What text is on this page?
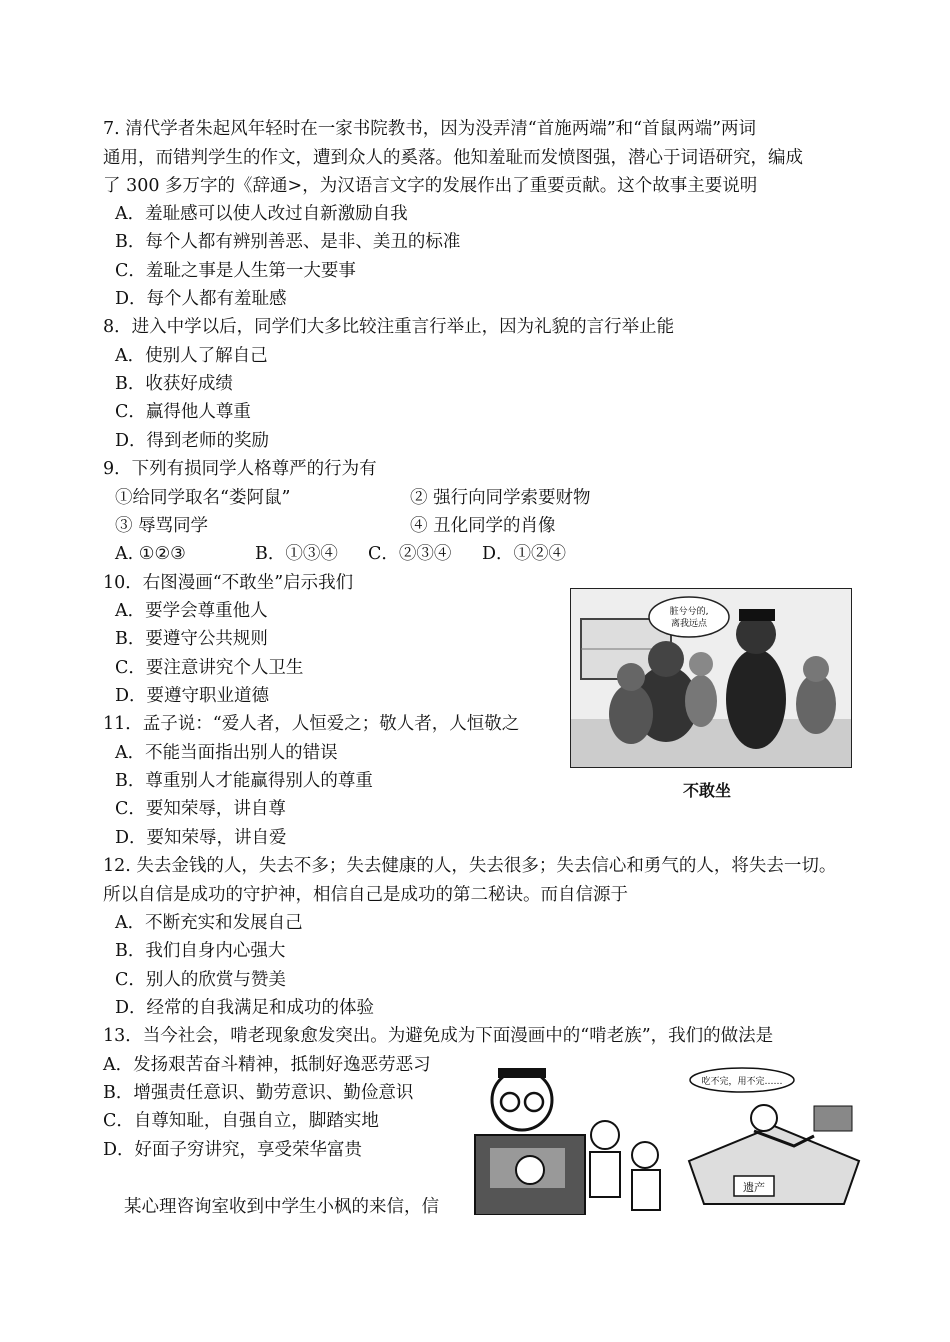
7. 清代学者朱起风年轻时在一家书院教书，因为没弄清“首施两端”和“首鼠两端”两词
通用，而错判学生的作文，遭到众人的奚落。他知羞耻而发愤图强，潜心于词语研究，编成
了 300 多万字的《辞通>，为汉语言文字的发展作出了重要贡献。这个故事主要说明
A．羞耻感可以使人改过自新激励自我
B．每个人都有辨别善恶、是非、美丑的标准
C．羞耻之事是人生第一大要事
D．每个人都有羞耻感
8．进入中学以后，同学们大多比较注重言行举止，因为礼貌的言行举止能
A．使别人了解自己
B．收获好成绩
C．赢得他人尊重
D．得到老师的奖励
9．下列有损同学人格尊严的行为有
①给同学取名“娄阿鼠”	② 强行向同学索要财物
③ 辱骂同学	④ 丑化同学的肖像
A. ①②③	B．①③④ C．②③④ D．①②④
10．右图漫画“不敢坐”启示我们
A．要学会尊重他人
B．要遵守公共规则
C．要注意讲究个人卫生
D．要遵守职业道德
脏兮兮的,
离我远点
不敢坐
11．孟子说：“爱人者，人恒爱之；敬人者，人恒敬之
A．不能当面指出别人的错误
B．尊重别人才能赢得别人的尊重
C．要知荣辱，讲自尊
D．要知荣辱，讲自爱
12. 失去金钱的人，失去不多；失去健康的人，失去很多；失去信心和勇气的人，将失去一切。
所以自信是成功的守护神，相信自己是成功的第二秘诀。而自信源于
A．不断充实和发展自己
B．我们自身内心强大
C．别人的欣赏与赞美
D．经常的自我满足和成功的体验
13．当今社会，啃老现象愈发突出。为避免成为下面漫画中的“啃老族”，我们的做法是
A．发扬艰苦奋斗精神，抵制好逸恶劳恶习
B．增强责任意识、勤劳意识、勤俭意识
C．自尊知耻，自强自立，脚踏实地
D．好面子穷讲究，享受荣华富贵
吃不完，用不完……
遗产
某心理咨询室收到中学生小枫的来信，信
